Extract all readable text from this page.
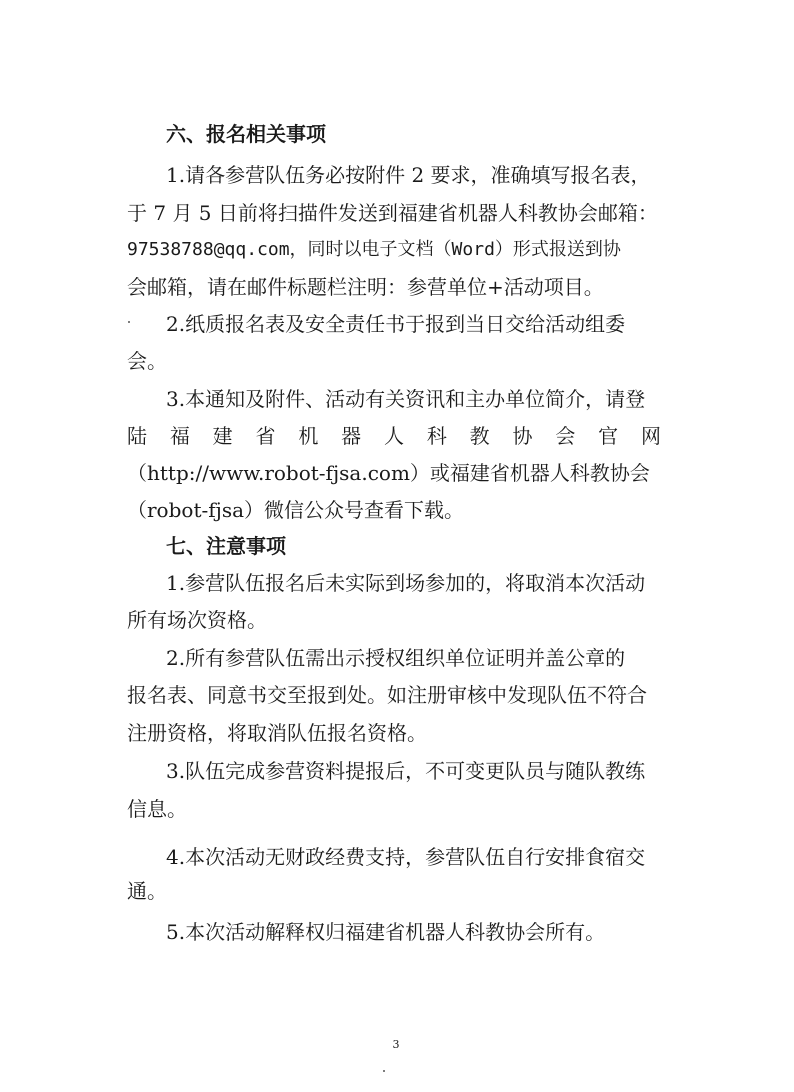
六、报名相关事项
1.请各参营队伍务必按附件 2 要求，准确填写报名表，
于 7 月 5 日前将扫描件发送到福建省机器人科教协会邮箱：
97538788@qq.com，同时以电子文档（Word）形式报送到协
会邮箱，请在邮件标题栏注明：参营单位+活动项目。
2.纸质报名表及安全责任书于报到当日交给活动组委
会。
3.本通知及附件、活动有关资讯和主办单位简介，请登
陆福建省机器人科教协会官网
（http://www.robot-fjsa.com）或福建省机器人科教协会
（robot-fjsa）微信公众号查看下载。
七、注意事项
1.参营队伍报名后未实际到场参加的，将取消本次活动
所有场次资格。
2.所有参营队伍需出示授权组织单位证明并盖公章的
报名表、同意书交至报到处。如注册审核中发现队伍不符合
注册资格，将取消队伍报名资格。
3.队伍完成参营资料提报后，不可变更队员与随队教练
信息。
4.本次活动无财政经费支持，参营队伍自行安排食宿交
通。
5.本次活动解释权归福建省机器人科教协会所有。
3
